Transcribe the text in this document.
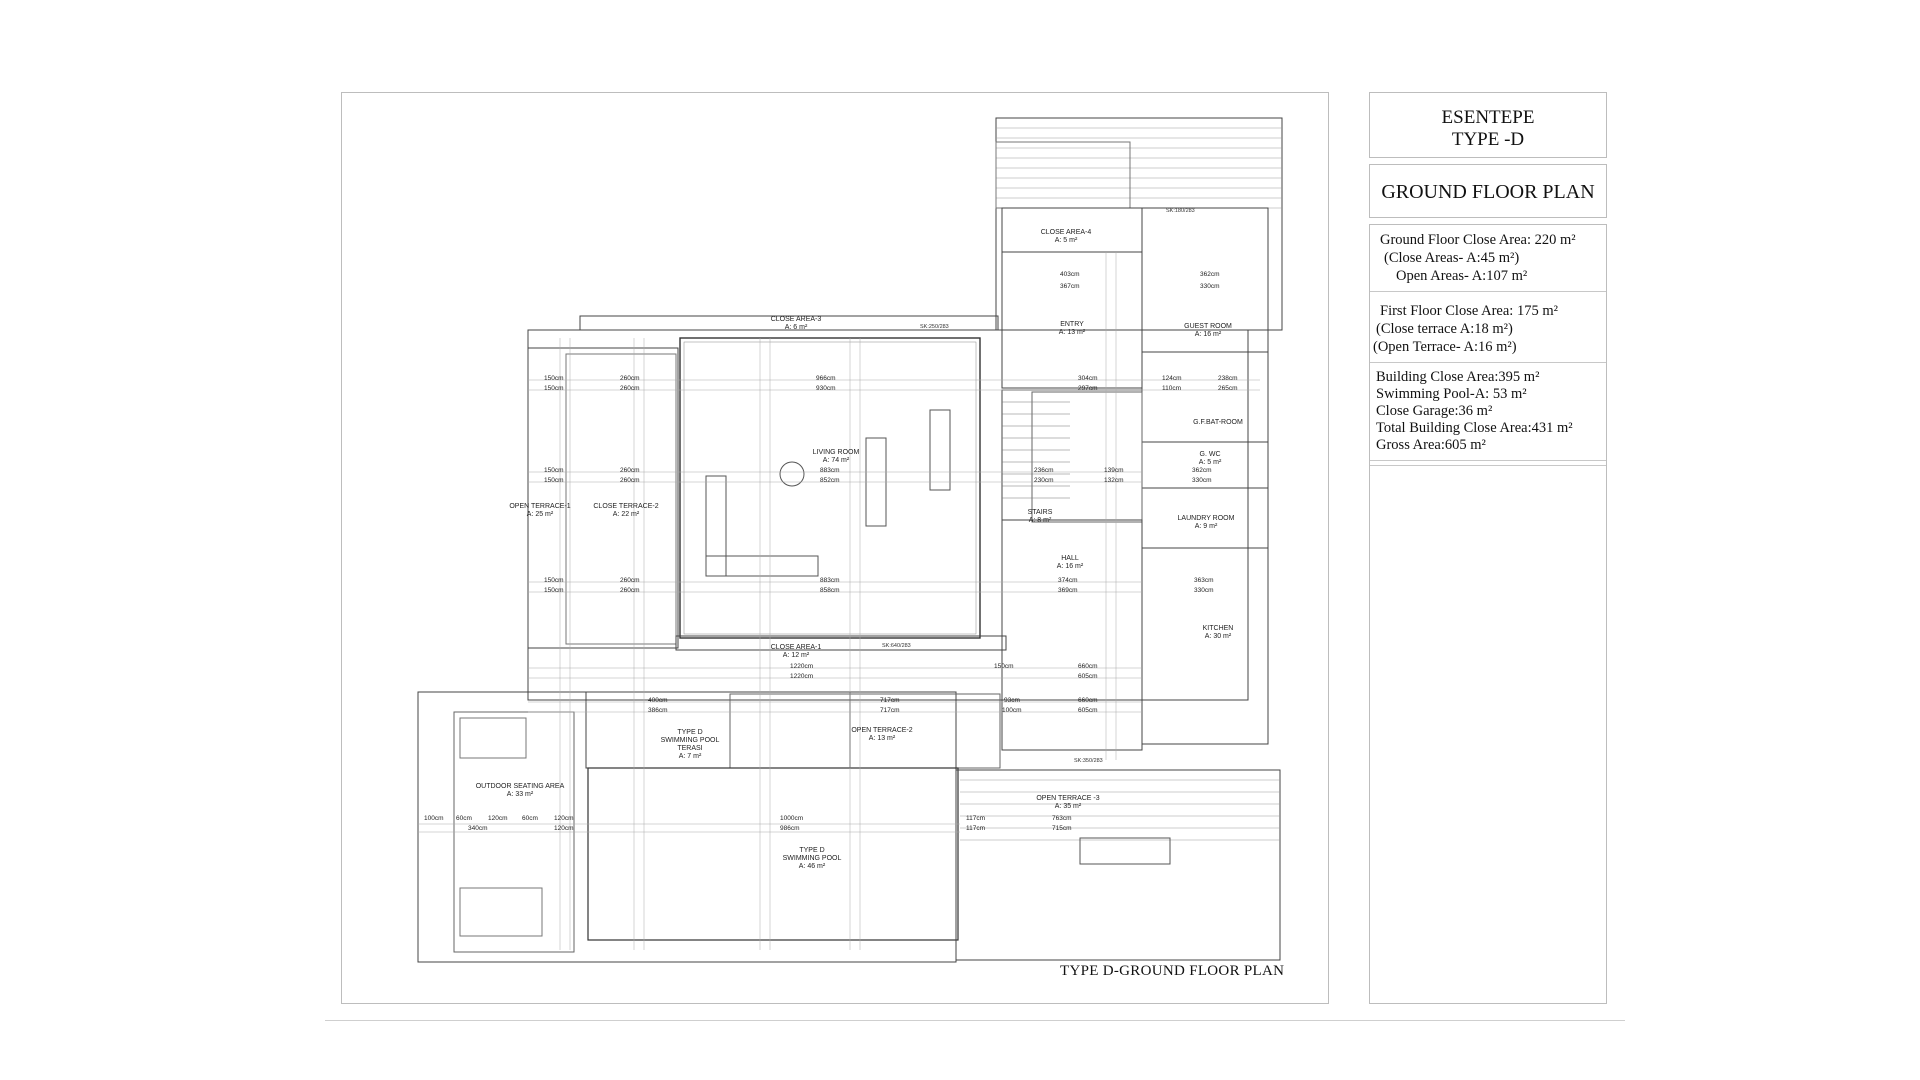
ESENTEPE
TYPE -D
GROUND FLOOR PLAN
Ground Floor Close Area: 220 m²
(Close Areas- A:45 m²)
Open Areas- A:107 m²
First Floor Close Area: 175 m²
(Close terrace A:18 m²)
(Open Terrace- A:16 m²)
Building Close Area:395 m²
Swimming Pool-A: 53 m²
Close Garage:36 m²
Total Building Close Area:431 m²
Gross Area:605 m²
CLOSE AREA-4
A: 5 m²
CLOSE AREA-3
A: 6 m²	ENTRY
A: 13 m²
GUEST ROOM
A: 16 m²
LIVING ROOM
A: 74 m²
OPEN TERRACE-1
A: 25 m²
CLOSE TERRACE-2
A: 22 m²
G.F.BAT-ROOM
G. WC
A: 5 m²
STAIRS
A: 8 m²	LAUNDRY ROOM
A: 9 m²
HALL
A: 16 m²
KITCHEN
A: 30 m²
CLOSE AREA-1
A: 12 m²
TYPE D
SWIMMING POOL
TERASI
A: 7 m²
OPEN TERRACE-2
A: 13 m²
OUTDOOR SEATING AREA
A: 33 m²
TYPE D
SWIMMING POOL
A: 46 m²
OPEN TERRACE -3
A: 35 m²
SK:180/283
SK:250/283
SK:640/283
SK:350/283
403cm
367cm
362cm
330cm
966cm
930cm
304cm
297cm
124cm
110cm
238cm
265cm
150cm	260cm
150cm	260cm
883cm
852cm
236cm
230cm
139cm
132cm
362cm
330cm
150cm	260cm
150cm	260cm
883cm
858cm
374cm
369cm
363cm
330cm
150cm	260cm
150cm	260cm
1220cm
1220cm
150cm	660cm
605cm
400cm
386cm
717cm
717cm
93cm
100cm
660cm
605cm
100cm 60cm 120cm 60cm 120cm
340cm	120cm
1000cm
986cm
117cm
117cm
763cm
715cm
TYPE D-GROUND FLOOR PLAN
